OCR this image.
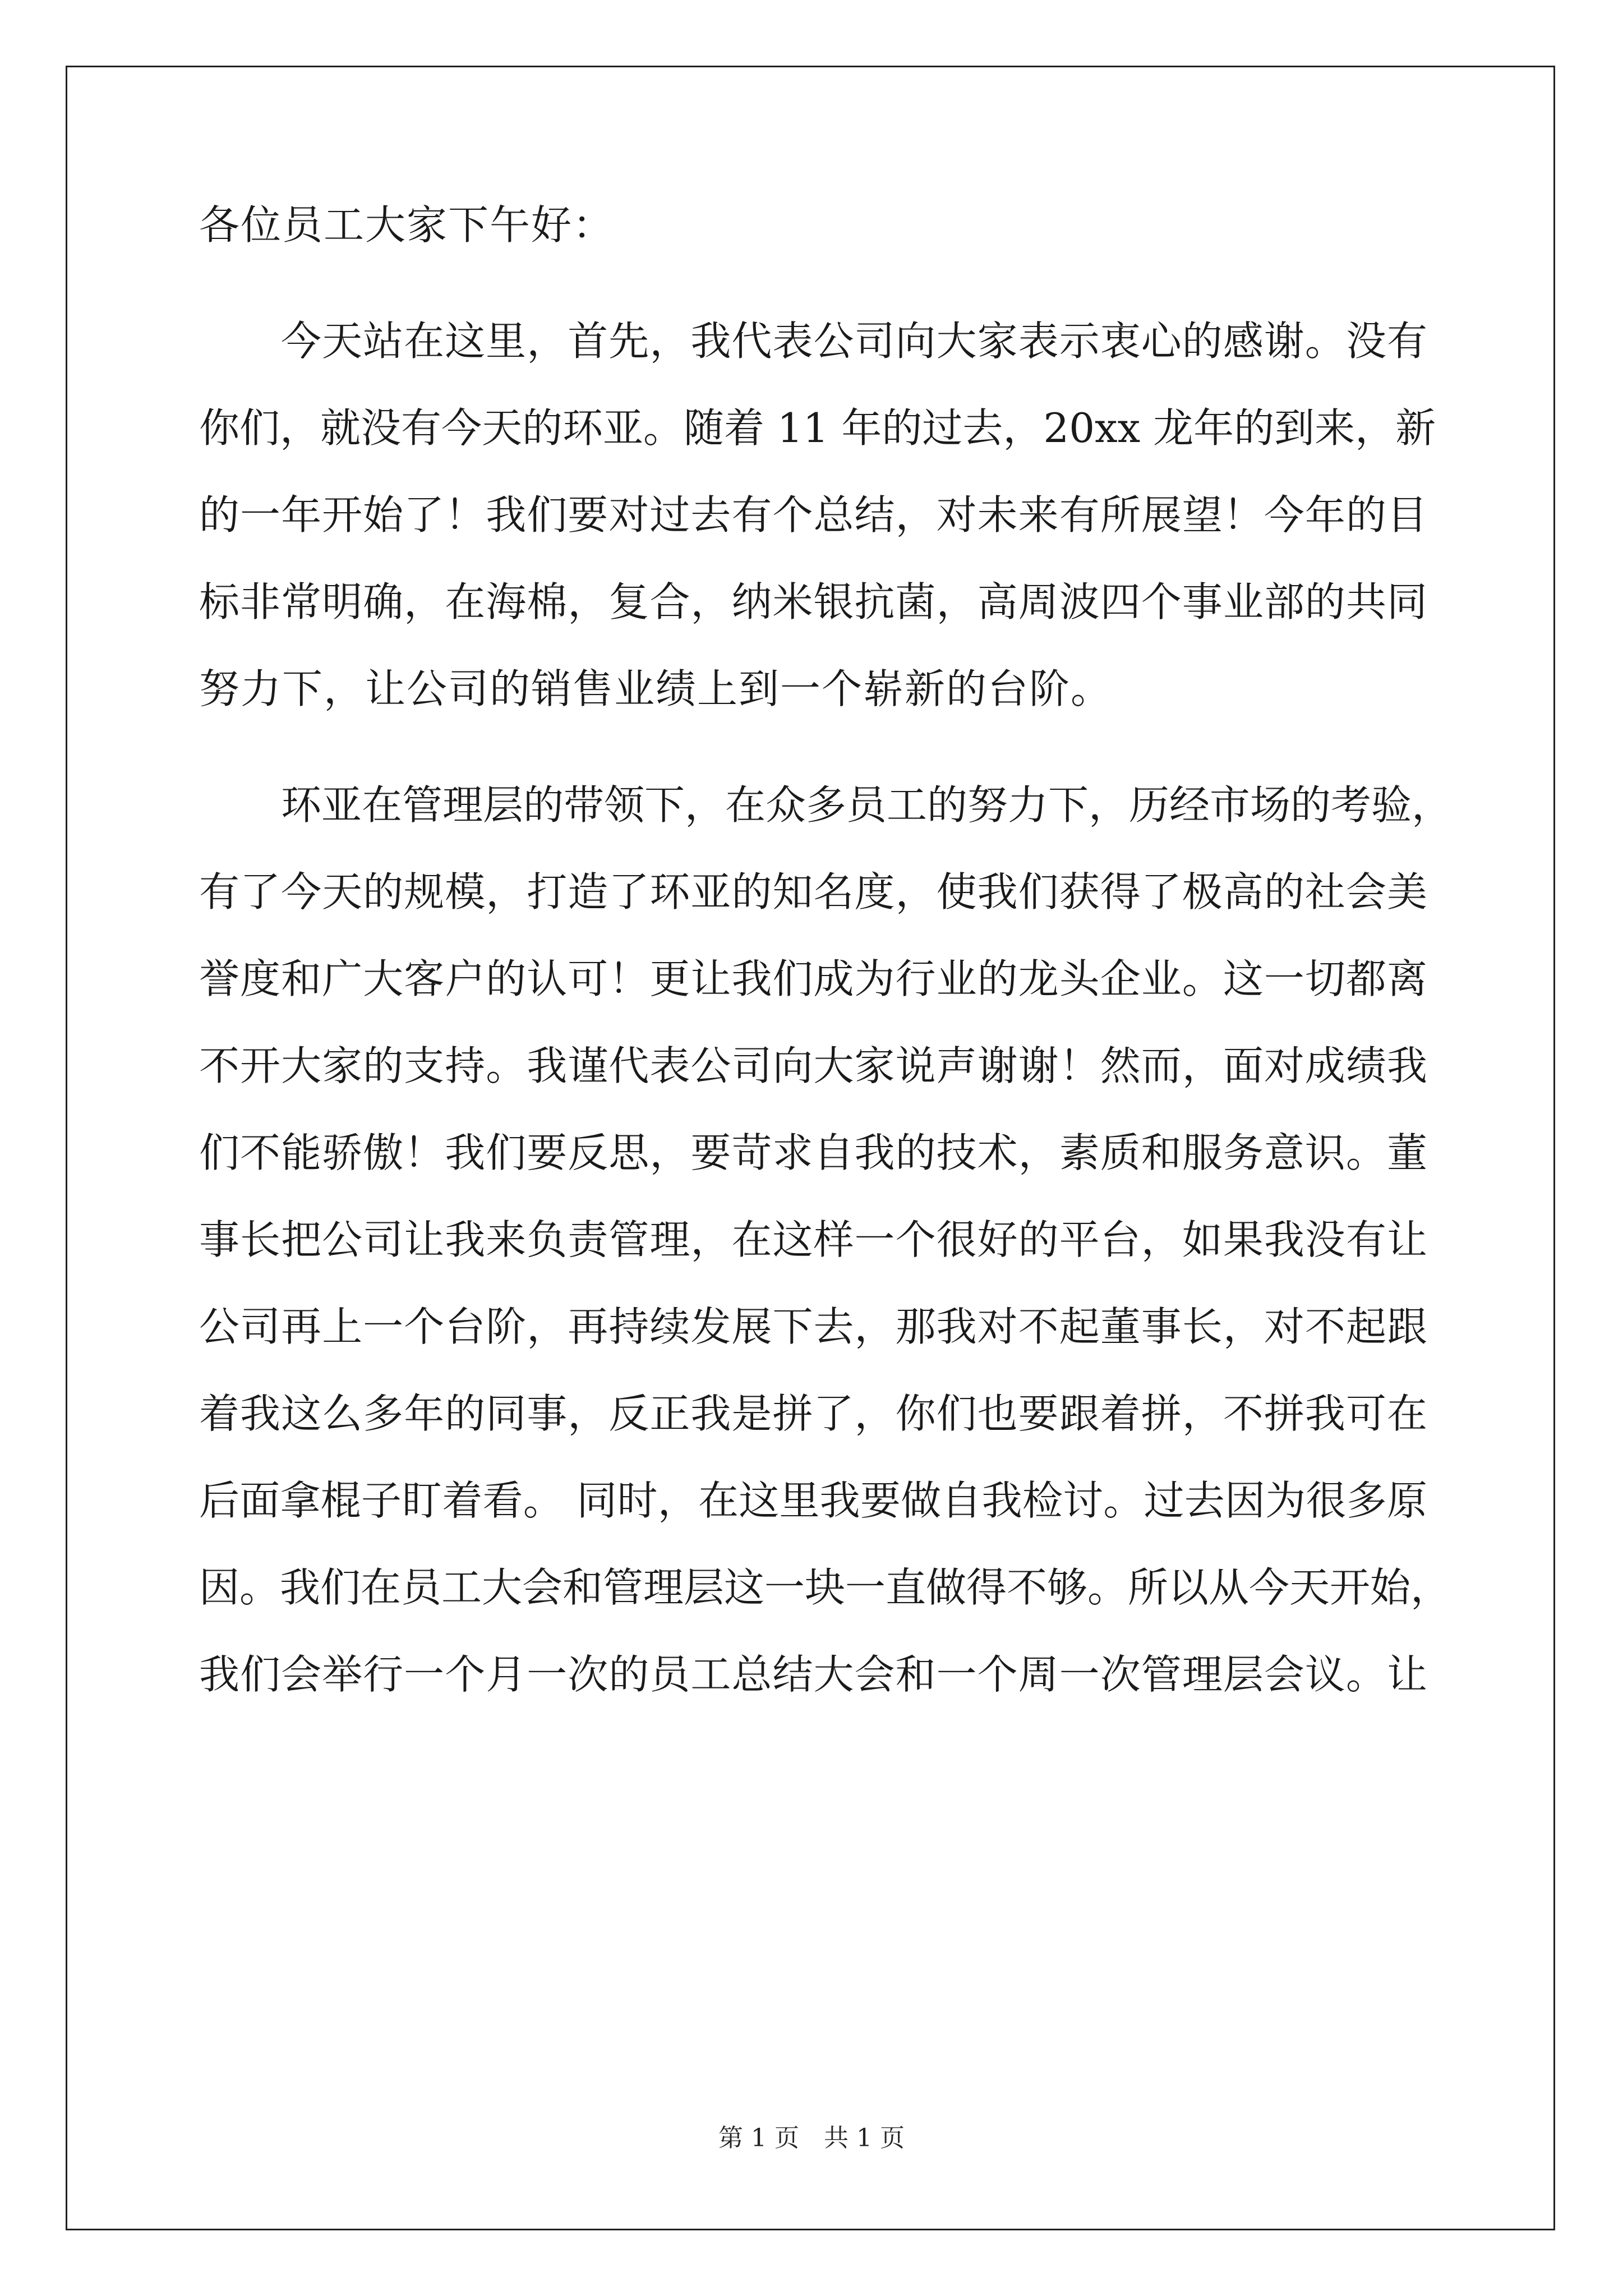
各位员工大家下午好：
今天站在这里，首先，我代表公司向大家表示衷心的感谢。没有
你们，就没有今天的环亚。随着 11 年的过去，20xx 龙年的到来，新
的一年开始了！我们要对过去有个总结，对未来有所展望！今年的目
标非常明确，在海棉，复合，纳米银抗菌，高周波四个事业部的共同
努力下，让公司的销售业绩上到一个崭新的台阶。
环亚在管理层的带领下，在众多员工的努力下，历经市场的考验，
有了今天的规模，打造了环亚的知名度，使我们获得了极高的社会美
誉度和广大客户的认可！更让我们成为行业的龙头企业。这一切都离
不开大家的支持。我谨代表公司向大家说声谢谢！然而，面对成绩我
们不能骄傲！我们要反思，要苛求自我的技术，素质和服务意识。董
事长把公司让我来负责管理，在这样一个很好的平台，如果我没有让
公司再上一个台阶，再持续发展下去，那我对不起董事长，对不起跟
着我这么多年的同事，反正我是拼了，你们也要跟着拼，不拼我可在
后面拿棍子盯着看。 同时，在这里我要做自我检讨。过去因为很多原
因。我们在员工大会和管理层这一块一直做得不够。所以从今天开始，
我们会举行一个月一次的员工总结大会和一个周一次管理层会议。让
第 1 页 共 1 页
